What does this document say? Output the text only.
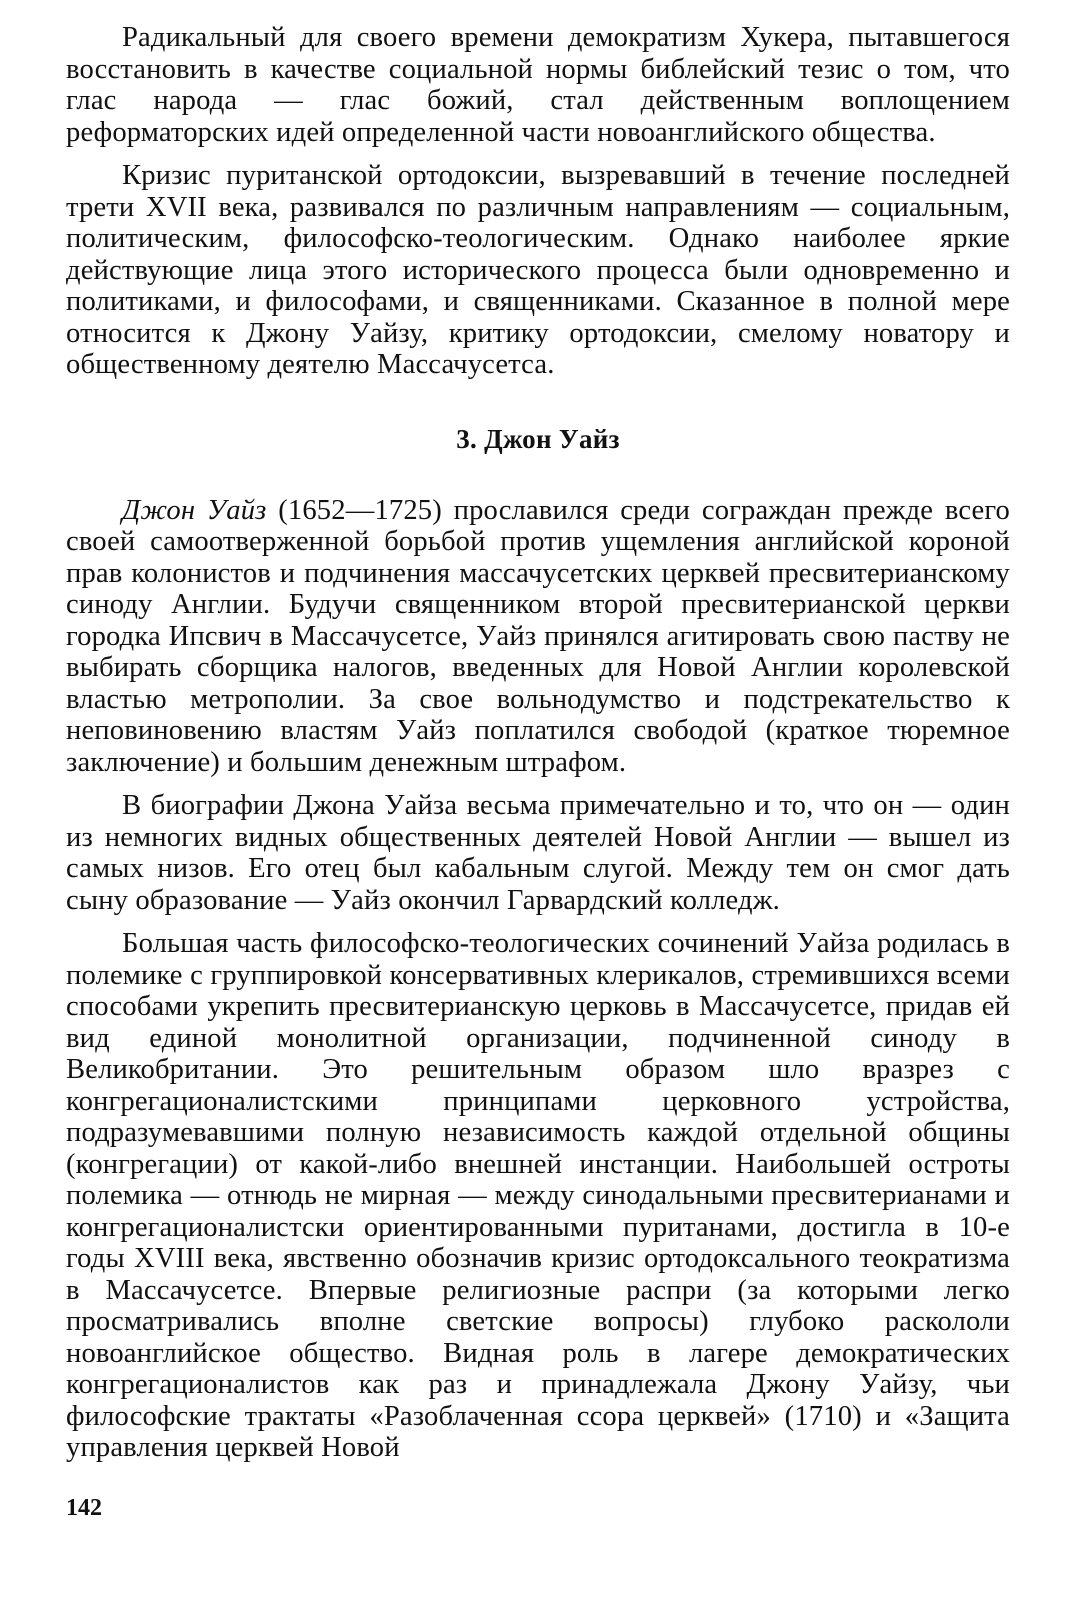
Радикальный для своего времени демократизм Хукера, пытавшегося восстановить в качестве социальной нормы библейский тезис о том, что глас народа — глас божий, стал действенным воплощением реформаторских идей определенной части новоанглийского общества.

Кризис пуританской ортодоксии, вызревавший в течение последней трети XVII века, развивался по различным направлениям — социальным, политическим, философско-теологическим. Однако наиболее яркие действующие лица этого исторического процесса были одновременно и политиками, и философами, и священниками. Сказанное в полной мере относится к Джону Уайзу, критику ортодоксии, смелому новатору и общественному деятелю Массачусетса.

3. Джон Уайз

Джон Уайз (1652—1725) прославился среди сограждан прежде всего своей самоотверженной борьбой против ущемления английской короной прав колонистов и подчинения массачусетских церквей пресвитерианскому синоду Англии. Будучи священником второй пресвитерианской церкви городка Ипсвич в Массачусетсе, Уайз принялся агитировать свою паству не выбирать сборщика налогов, введенных для Новой Англии королевской властью метрополии. За свое вольнодумство и подстрекательство к неповиновению властям Уайз поплатился свободой (краткое тюремное заключение) и большим денежным штрафом.

В биографии Джона Уайза весьма примечательно и то, что он — один из немногих видных общественных деятелей Новой Англии — вышел из самых низов. Его отец был кабальным слугой. Между тем он смог дать сыну образование — Уайз окончил Гарвардский колледж.

Большая часть философско-теологических сочинений Уайза родилась в полемике с группировкой консервативных клерикалов, стремившихся всеми способами укрепить пресвитерианскую церковь в Массачусетсе, придав ей вид единой монолитной организации, подчиненной синоду в Великобритании. Это решительным образом шло вразрез с конгрегационалистскими принципами церковного устройства, подразумевавшими полную независимость каждой отдельной общины (конгрегации) от какой-либо внешней инстанции. Наибольшей остроты полемика — отнюдь не мирная — между синодальными пресвитерианами и конгрегационалистски ориентированными пуританами, достигла в 10-е годы XVIII века, явственно обозначив кризис ортодоксального теократизма в Массачусетсе. Впервые религиозные распри (за которыми легко просматривались вполне светские вопросы) глубоко раскололи новоанглийское общество. Видная роль в лагере демократических конгрегационалистов как раз и принадлежала Джону Уайзу, чьи философские трактаты «Разоблаченная ссора церквей» (1710) и «Защита управления церквей Новой

142
